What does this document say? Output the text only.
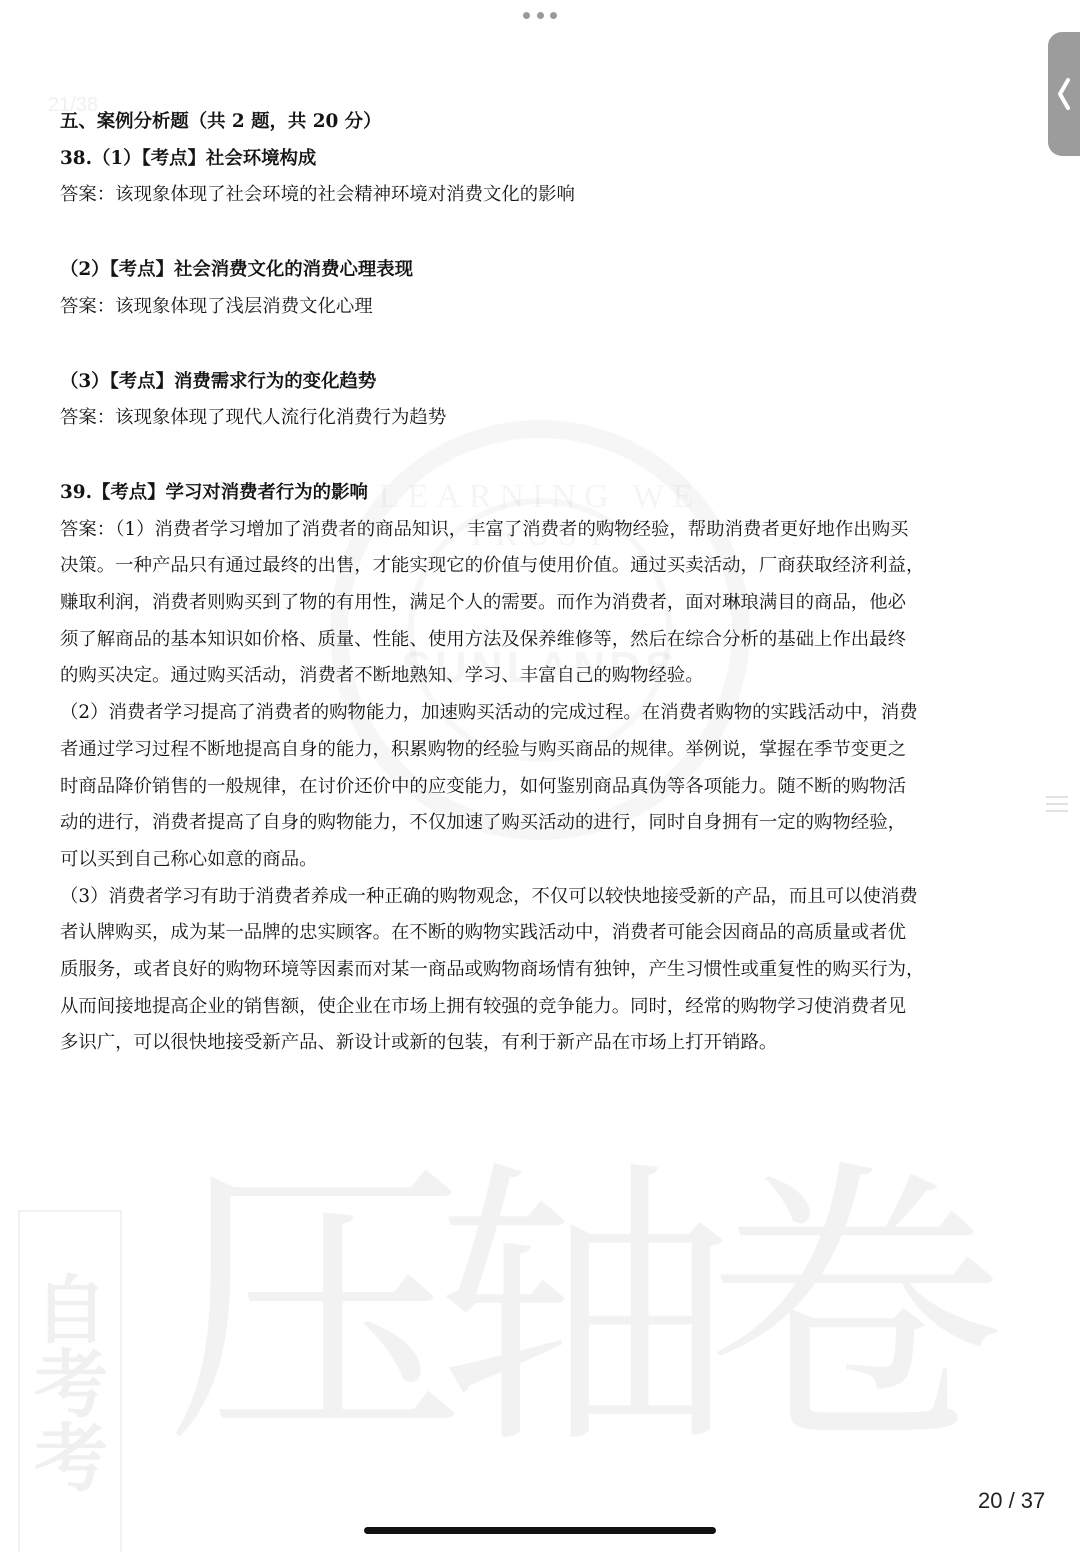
自考考 压轴卷
21/38

五、案例分析题（共 2 题，共 20 分）

38.（1）【考点】社会环境构成

答案：该现象体现了社会环境的社会精神环境对消费文化的影响

（2）【考点】社会消费文化的消费心理表现

答案：该现象体现了浅层消费文化心理

（3）【考点】消费需求行为的变化趋势

答案：该现象体现了现代人流行化消费行为趋势

39.【考点】学习对消费者行为的影响

答案：（1）消费者学习增加了消费者的商品知识，丰富了消费者的购物经验，帮助消费者更好地作出购买

决策。一种产品只有通过最终的出售，才能实现它的价值与使用价值。通过买卖活动，厂商获取经济利益，

赚取利润，消费者则购买到了物的有用性，满足个人的需要。而作为消费者，面对琳琅满目的商品，他必

须了解商品的基本知识如价格、质量、性能、使用方法及保养维修等，然后在综合分析的基础上作出最终

的购买决定。通过购买活动，消费者不断地熟知、学习、丰富自己的购物经验。

（2）消费者学习提高了消费者的购物能力，加速购买活动的完成过程。在消费者购物的实践活动中，消费

者通过学习过程不断地提高自身的能力，积累购物的经验与购买商品的规律。举例说，掌握在季节变更之

时商品降价销售的一般规律，在讨价还价中的应变能力，如何鉴别商品真伪等各项能力。随不断的购物活

动的进行，消费者提高了自身的购物能力，不仅加速了购买活动的进行，同时自身拥有一定的购物经验，

可以买到自己称心如意的商品。

（3）消费者学习有助于消费者养成一种正确的购物观念，不仅可以较快地接受新的产品，而且可以使消费

者认牌购买，成为某一品牌的忠实顾客。在不断的购物实践活动中，消费者可能会因商品的高质量或者优

质服务，或者良好的购物环境等因素而对某一商品或购物商场情有独钟，产生习惯性或重复性的购买行为，

从而间接地提高企业的销售额，使企业在市场上拥有较强的竞争能力。同时，经常的购物学习使消费者见

多识广，可以很快地接受新产品、新设计或新的包装，有利于新产品在市场上打开销路。

20 / 37
